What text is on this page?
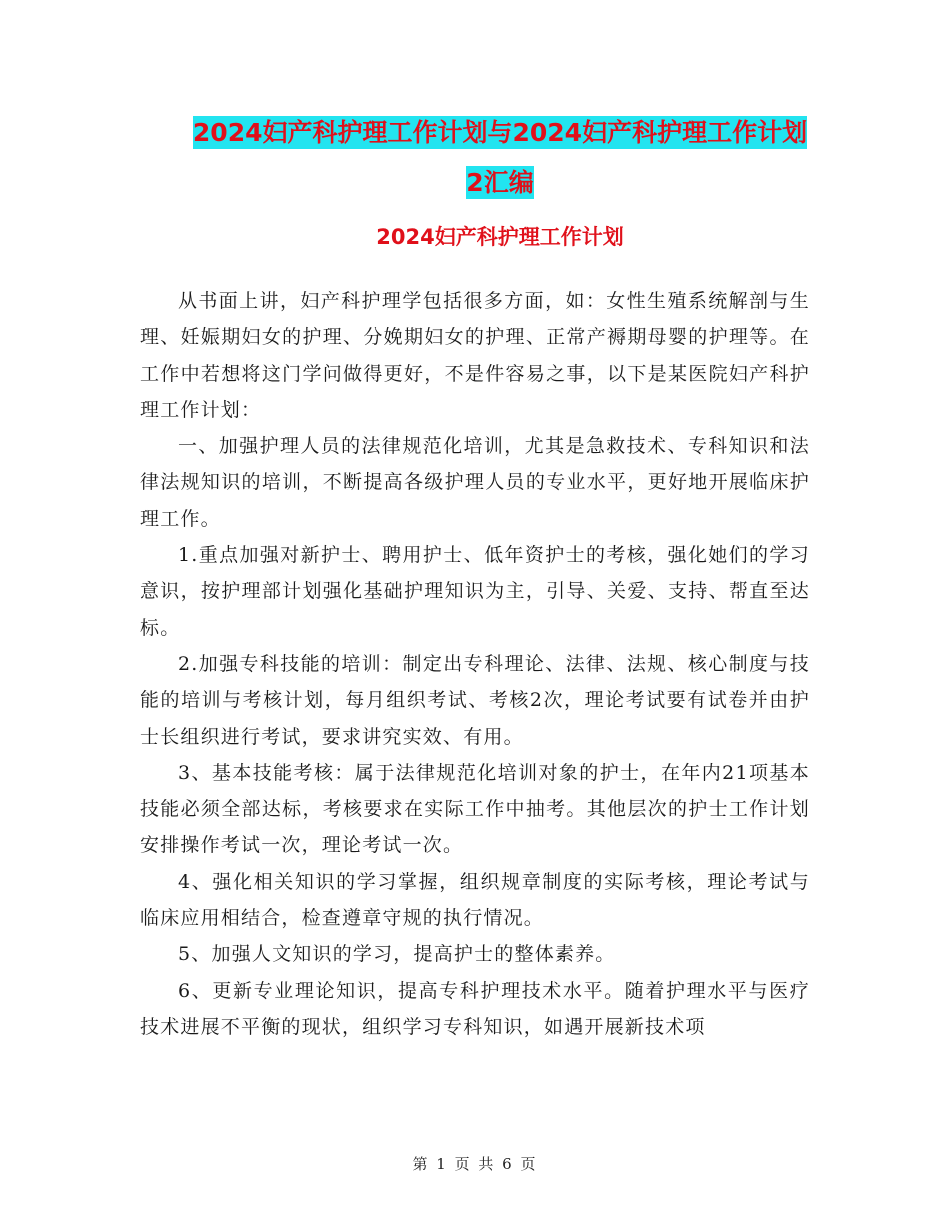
2024妇产科护理工作计划与2024妇产科护理工作计划
2汇编
2024妇产科护理工作计划

从书面上讲，妇产科护理学包括很多方面，如：女性生殖系统解剖与生理、妊娠期妇女的护理、分娩期妇女的护理、正常产褥期母婴的护理等。在工作中若想将这门学问做得更好，不是件容易之事，以下是某医院妇产科护理工作计划：

一、加强护理人员的法律规范化培训，尤其是急救技术、专科知识和法律法规知识的培训，不断提高各级护理人员的专业水平，更好地开展临床护理工作。

1.重点加强对新护士、聘用护士、低年资护士的考核，强化她们的学习意识，按护理部计划强化基础护理知识为主，引导、关爱、支持、帮直至达标。

2.加强专科技能的培训：制定出专科理论、法律、法规、核心制度与技能的培训与考核计划，每月组织考试、考核2次，理论考试要有试卷并由护士长组织进行考试，要求讲究实效、有用。

3、基本技能考核：属于法律规范化培训对象的护士，在年内21项基本技能必须全部达标，考核要求在实际工作中抽考。其他层次的护士工作计划安排操作考试一次，理论考试一次。

4、强化相关知识的学习掌握，组织规章制度的实际考核，理论考试与临床应用相结合，检查遵章守规的执行情况。

5、加强人文知识的学习，提高护士的整体素养。

6、更新专业理论知识，提高专科护理技术水平。随着护理水平与医疗技术进展不平衡的现状，组织学习专科知识，如遇开展新技术项

第 1 页 共 6 页
